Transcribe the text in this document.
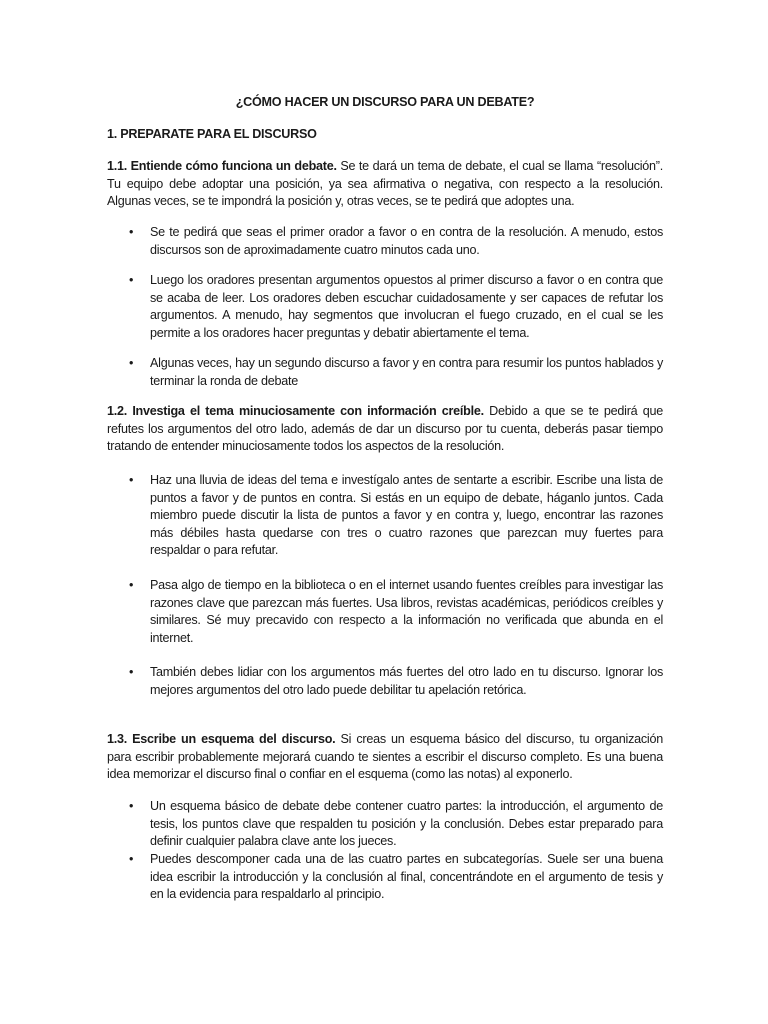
¿CÓMO HACER UN DISCURSO PARA UN DEBATE?

1. PREPARATE PARA EL DISCURSO

1.1. Entiende cómo funciona un debate. Se te dará un tema de debate, el cual se llama “resolución”. Tu equipo debe adoptar una posición, ya sea afirmativa o negativa, con respecto a la resolución. Algunas veces, se te impondrá la posición y, otras veces, se te pedirá que adoptes una.

• Se te pedirá que seas el primer orador a favor o en contra de la resolución. A menudo, estos discursos son de aproximadamente cuatro minutos cada uno.
• Luego los oradores presentan argumentos opuestos al primer discurso a favor o en contra que se acaba de leer. Los oradores deben escuchar cuidadosamente y ser capaces de refutar los argumentos. A menudo, hay segmentos que involucran el fuego cruzado, en el cual se les permite a los oradores hacer preguntas y debatir abiertamente el tema.
• Algunas veces, hay un segundo discurso a favor y en contra para resumir los puntos hablados y terminar la ronda de debate

1.2. Investiga el tema minuciosamente con información creíble. Debido a que se te pedirá que refutes los argumentos del otro lado, además de dar un discurso por tu cuenta, deberás pasar tiempo tratando de entender minuciosamente todos los aspectos de la resolución.

• Haz una lluvia de ideas del tema e investígalo antes de sentarte a escribir. Escribe una lista de puntos a favor y de puntos en contra. Si estás en un equipo de debate, háganlo juntos. Cada miembro puede discutir la lista de puntos a favor y en contra y, luego, encontrar las razones más débiles hasta quedarse con tres o cuatro razones que parezcan muy fuertes para respaldar o para refutar.
• Pasa algo de tiempo en la biblioteca o en el internet usando fuentes creíbles para investigar las razones clave que parezcan más fuertes. Usa libros, revistas académicas, periódicos creíbles y similares. Sé muy precavido con respecto a la información no verificada que abunda en el internet.
• También debes lidiar con los argumentos más fuertes del otro lado en tu discurso. Ignorar los mejores argumentos del otro lado puede debilitar tu apelación retórica.

1.3. Escribe un esquema del discurso. Si creas un esquema básico del discurso, tu organización para escribir probablemente mejorará cuando te sientes a escribir el discurso completo. Es una buena idea memorizar el discurso final o confiar en el esquema (como las notas) al exponerlo.

• Un esquema básico de debate debe contener cuatro partes: la introducción, el argumento de tesis, los puntos clave que respalden tu posición y la conclusión. Debes estar preparado para definir cualquier palabra clave ante los jueces.
• Puedes descomponer cada una de las cuatro partes en subcategorías. Suele ser una buena idea escribir la introducción y la conclusión al final, concentrándote en el argumento de tesis y en la evidencia para respaldarlo al principio.
